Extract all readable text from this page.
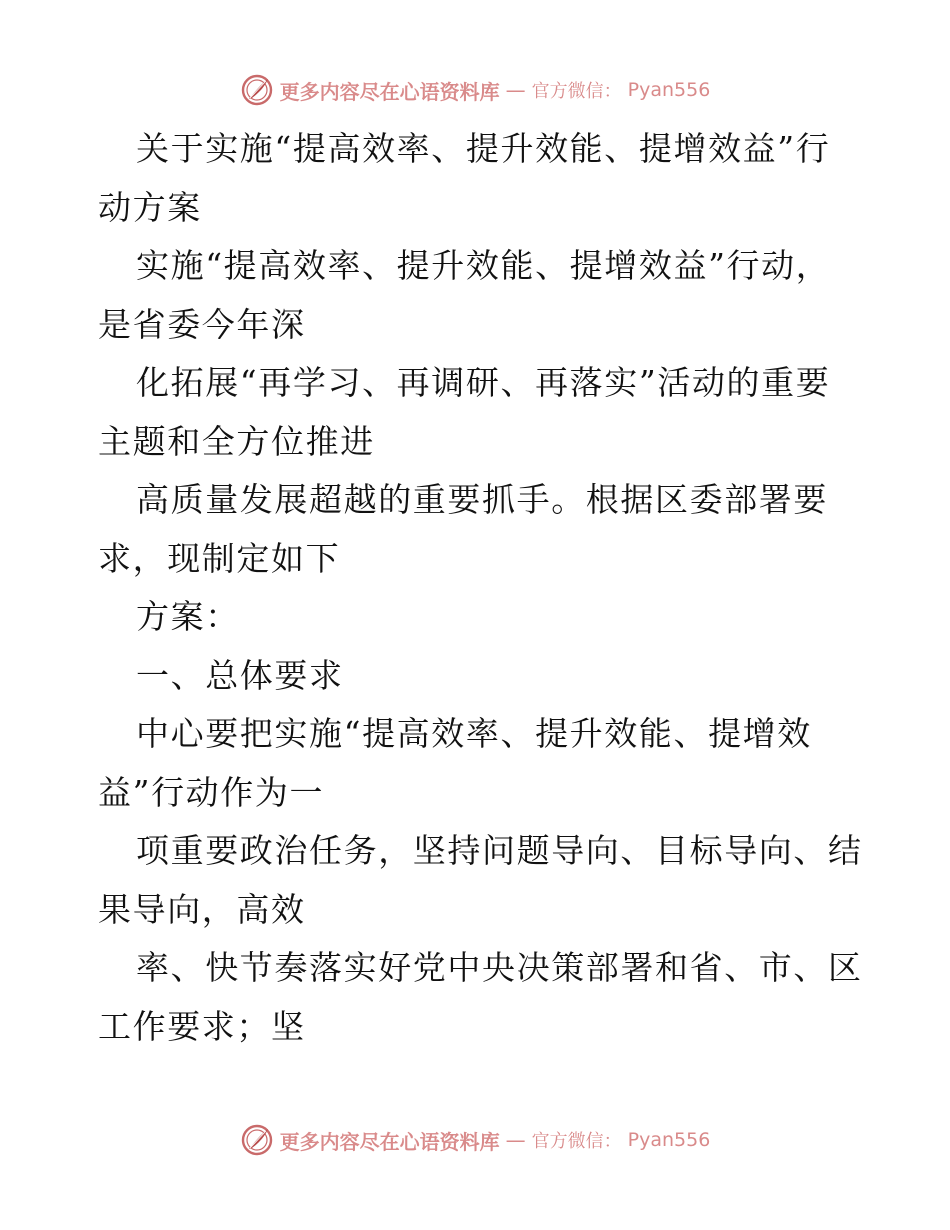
更多内容尽在心语资料库 — 官方微信： Pyan556
关于实施“提高效率、提升效能、提增效益”行
动方案
实施“提高效率、提升效能、提增效益”行动，
是省委今年深
化拓展“再学习、再调研、再落实”活动的重要
主题和全方位推进
高质量发展超越的重要抓手。根据区委部署要
求，现制定如下
方案：
一、总体要求
中心要把实施“提高效率、提升效能、提增效
益”行动作为一
项重要政治任务，坚持问题导向、目标导向、结
果导向，高效
率、快节奏落实好党中央决策部署和省、市、区
工作要求；坚
更多内容尽在心语资料库 — 官方微信： Pyan556
